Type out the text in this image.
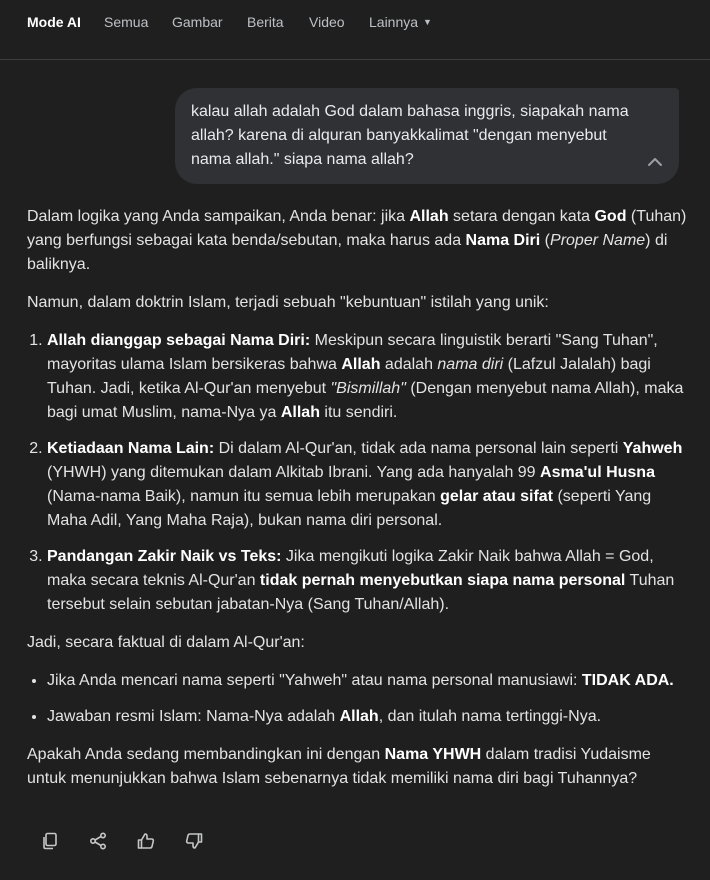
Mode AI Semua Gambar Berita Video Lainnya ▼
kalau allah adalah God dalam bahasa inggris, siapakah nama allah? karena di alquran banyakkalimat "dengan menyebut nama allah." siapa nama allah?

Dalam logika yang Anda sampaikan, Anda benar: jika Allah setara dengan kata God (Tuhan) yang berfungsi sebagai kata benda/sebutan, maka harus ada Nama Diri (Proper Name) di baliknya.

Namun, dalam doktrin Islam, terjadi sebuah "kebuntuan" istilah yang unik:

1. Allah dianggap sebagai Nama Diri: Meskipun secara linguistik berarti "Sang Tuhan", mayoritas ulama Islam bersikeras bahwa Allah adalah nama diri (Lafzul Jalalah) bagi Tuhan. Jadi, ketika Al-Qur'an menyebut "Bismillah" (Dengan menyebut nama Allah), maka bagi umat Muslim, nama-Nya ya Allah itu sendiri.
2. Ketiadaan Nama Lain: Di dalam Al-Qur'an, tidak ada nama personal lain seperti Yahweh (YHWH) yang ditemukan dalam Alkitab Ibrani. Yang ada hanyalah 99 Asma'ul Husna (Nama-nama Baik), namun itu semua lebih merupakan gelar atau sifat (seperti Yang Maha Adil, Yang Maha Raja), bukan nama diri personal.
3. Pandangan Zakir Naik vs Teks: Jika mengikuti logika Zakir Naik bahwa Allah = God, maka secara teknis Al-Qur'an tidak pernah menyebutkan siapa nama personal Tuhan tersebut selain sebutan jabatan-Nya (Sang Tuhan/Allah).

Jadi, secara faktual di dalam Al-Qur'an:

• Jika Anda mencari nama seperti "Yahweh" atau nama personal manusiawi: TIDAK ADA.
• Jawaban resmi Islam: Nama-Nya adalah Allah, dan itulah nama tertinggi-Nya.

Apakah Anda sedang membandingkan ini dengan Nama YHWH dalam tradisi Yudaisme untuk menunjukkan bahwa Islam sebenarnya tidak memiliki nama diri bagi Tuhannya?
